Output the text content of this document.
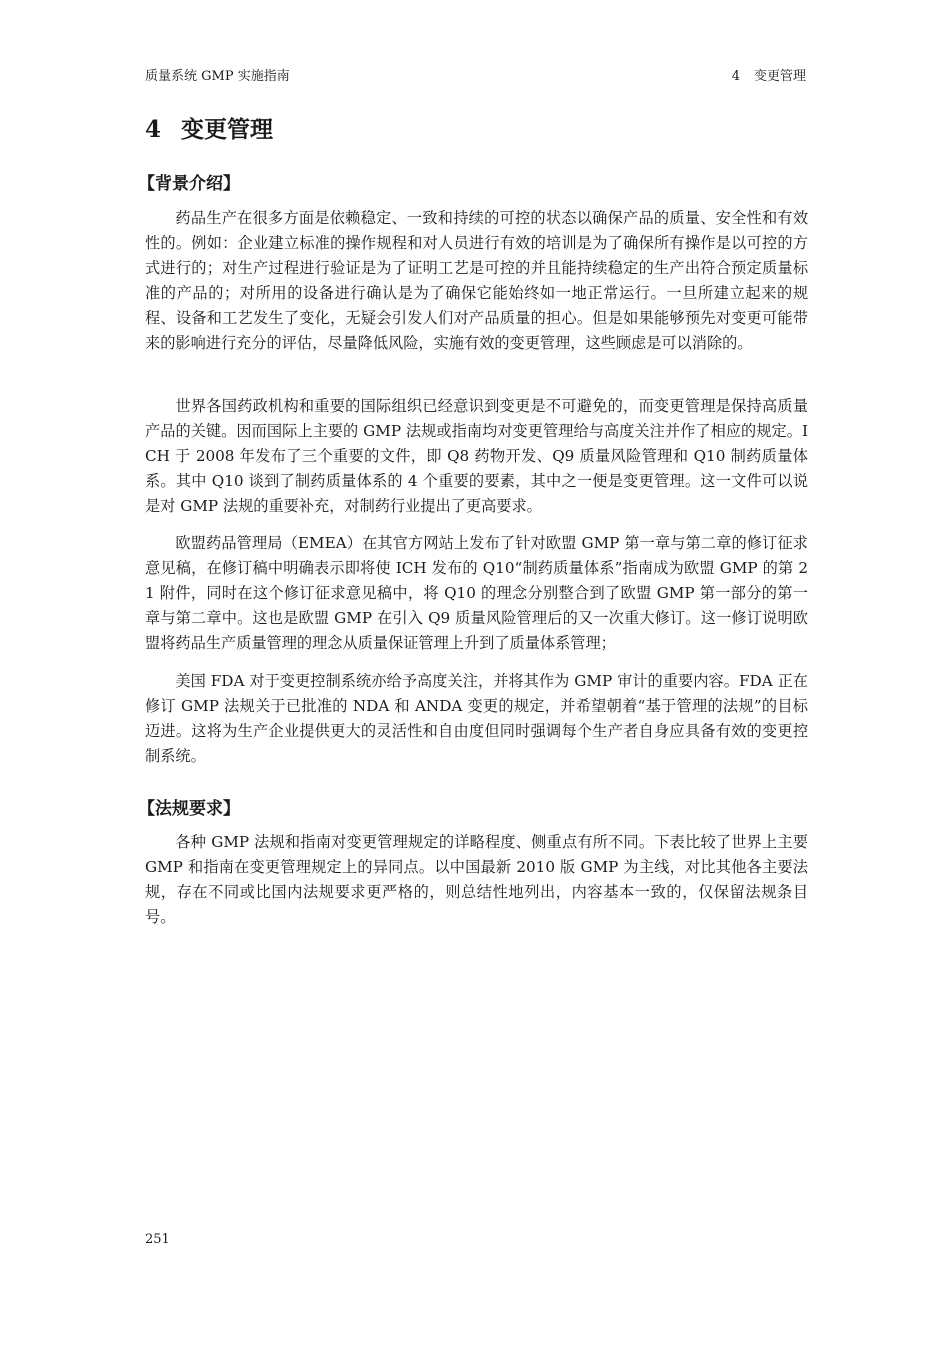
质量系统 GMP 实施指南	4 变更管理
4 变更管理
【背景介绍】

药品生产在很多方面是依赖稳定、一致和持续的可控的状态以确保产品的质量、安全性和有效性的。例如：企业建立标准的操作规程和对人员进行有效的培训是为了确保所有操作是以可控的方式进行的；对生产过程进行验证是为了证明工艺是可控的并且能持续稳定的生产出符合预定质量标准的产品的；对所用的设备进行确认是为了确保它能始终如一地正常运行。一旦所建立起来的规程、设备和工艺发生了变化，无疑会引发人们对产品质量的担心。但是如果能够预先对变更可能带来的影响进行充分的评估，尽量降低风险，实施有效的变更管理，这些顾虑是可以消除的。

世界各国药政机构和重要的国际组织已经意识到变更是不可避免的，而变更管理是保持高质量产品的关键。因而国际上主要的 GMP 法规或指南均对变更管理给与高度关注并作了相应的规定。ICH 于 2008 年发布了三个重要的文件，即 Q8 药物开发、Q9 质量风险管理和 Q10 制药质量体系。其中 Q10 谈到了制药质量体系的 4 个重要的要素，其中之一便是变更管理。这一文件可以说是对 GMP 法规的重要补充，对制药行业提出了更高要求。

欧盟药品管理局（EMEA）在其官方网站上发布了针对欧盟 GMP 第一章与第二章的修订征求意见稿，在修订稿中明确表示即将使 ICH 发布的 Q10“制药质量体系”指南成为欧盟 GMP 的第 21 附件，同时在这个修订征求意见稿中，将 Q10 的理念分别整合到了欧盟 GMP 第一部分的第一章与第二章中。这也是欧盟 GMP 在引入 Q9 质量风险管理后的又一次重大修订。这一修订说明欧盟将药品生产质量管理的理念从质量保证管理上升到了质量体系管理；

美国 FDA 对于变更控制系统亦给予高度关注，并将其作为 GMP 审计的重要内容。FDA 正在修订 GMP 法规关于已批准的 NDA 和 ANDA 变更的规定，并希望朝着“基于管理的法规”的目标迈进。这将为生产企业提供更大的灵活性和自由度但同时强调每个生产者自身应具备有效的变更控制系统。

【法规要求】

各种 GMP 法规和指南对变更管理规定的详略程度、侧重点有所不同。下表比较了世界上主要 GMP 和指南在变更管理规定上的异同点。以中国最新 2010 版 GMP 为主线，对比其他各主要法规，存在不同或比国内法规要求更严格的，则总结性地列出，内容基本一致的，仅保留法规条目号。

251
